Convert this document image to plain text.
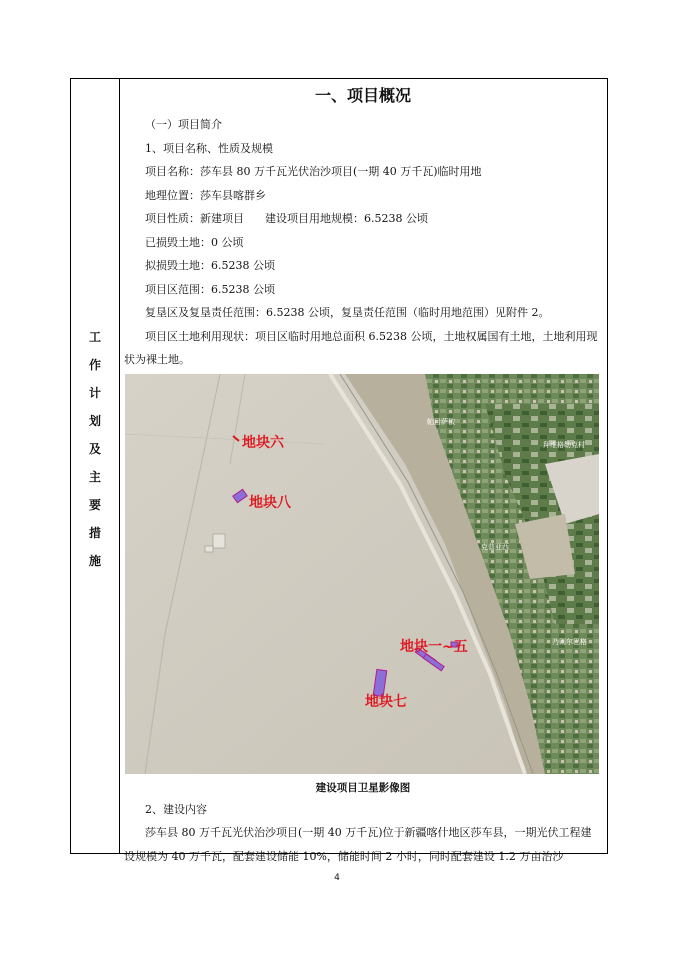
工
作
计
划
及
主
要
措
施
一、项目概况
（一）项目简介
1、项目名称、性质及规模
项目名称：莎车县 80 万千瓦光伏治沙项目(一期 40 万千瓦)临时用地
地理位置：莎车县喀群乡
项目性质：新建项目      建设项目用地规模：6.5238 公顷
已损毁土地：0 公顷
拟损毁土地：6.5238 公顷
项目区范围：6.5238 公顷
复垦区及复垦责任范围：6.5238 公顷，复垦责任范围（临时用地范围）见附件 2。
项目区土地利用现状：项目区临时用地总面积 6.5238 公顷，土地权属国有土地，土地利用现状为裸土地。
地块六
地块八
地块一~五
地块七
帕目萨依
拜维格勒克村
克普亚西
乃则尔巴格
建设项目卫星影像图
2、建设内容
莎车县 80 万千瓦光伏治沙项目(一期 40 万千瓦)位于新疆喀什地区莎车县，一期光伏工程建设规模为 40 万千瓦，配套建设储能 10%，储能时间 2 小时，同时配套建设 1.2 万亩治沙
4
